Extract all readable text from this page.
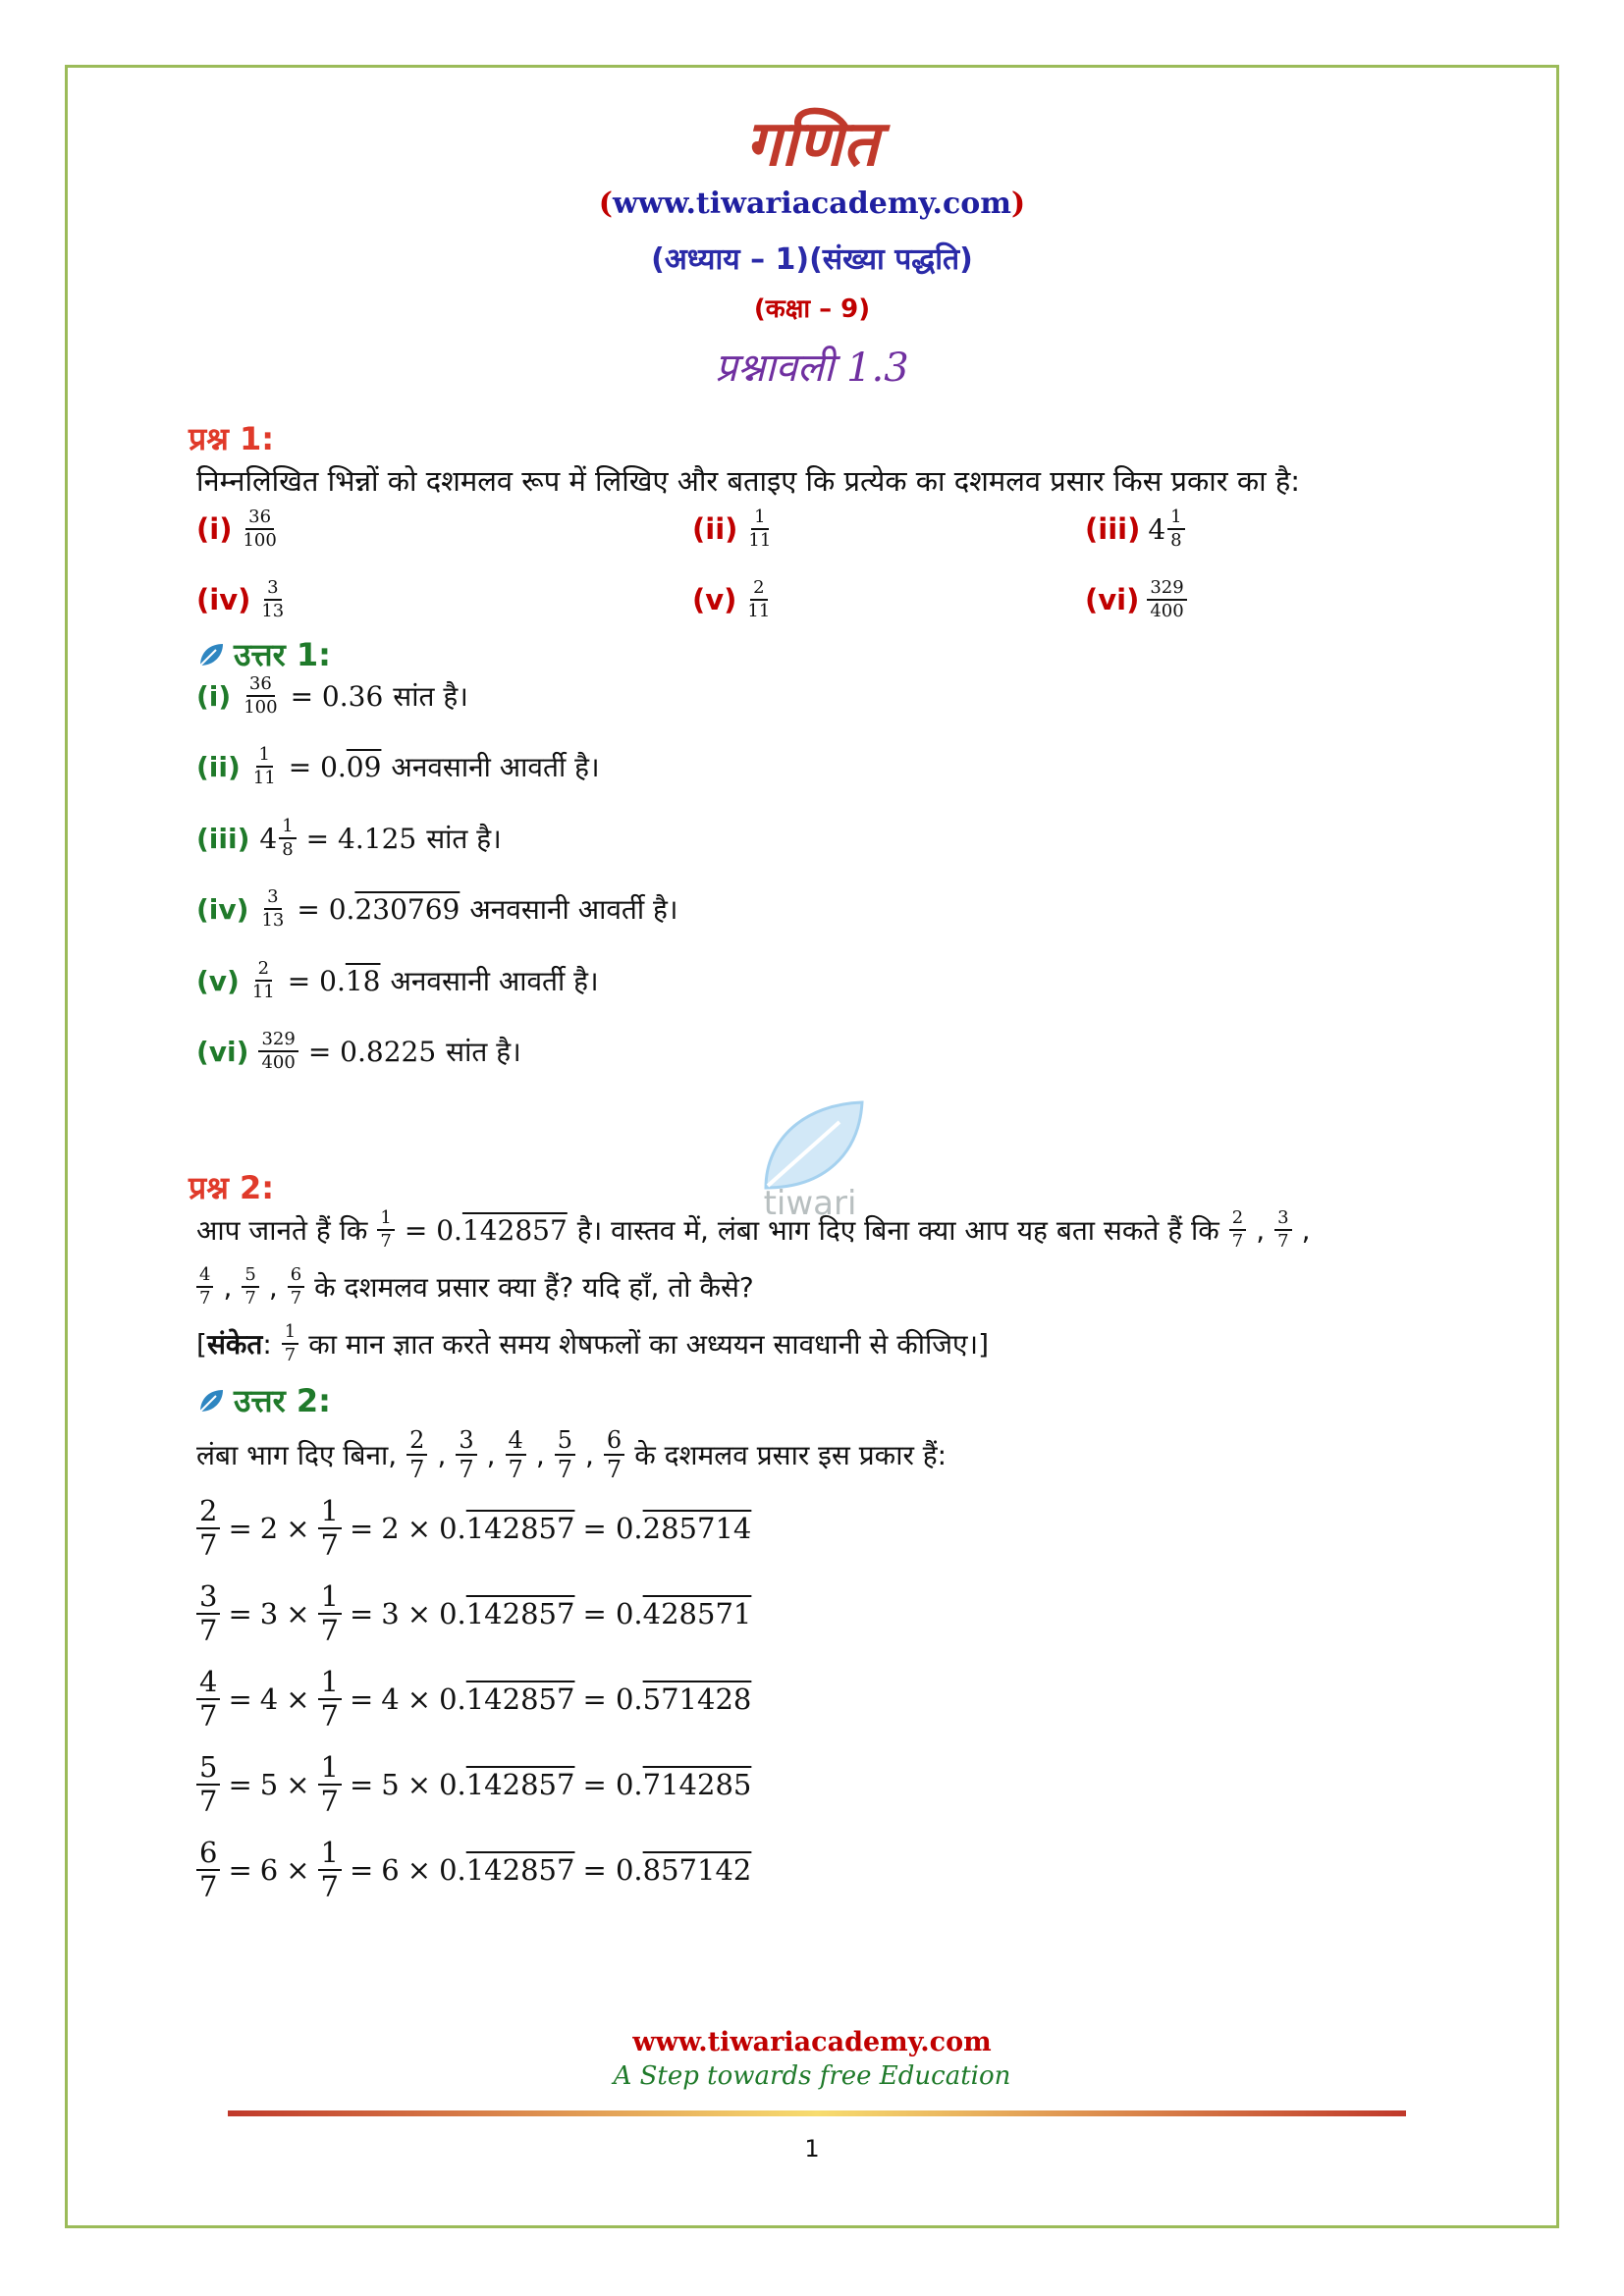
गणित
(www.tiwariacademy.com)
(अध्याय – 1)(संख्या पद्धति)
(कक्षा – 9)
प्रश्नावली 1.3
प्रश्न 1:
निम्नलिखित भिन्नों को दशमलव रूप में लिखिए और बताइए कि प्रत्येक का दशमलव प्रसार किस प्रकार का है:
$(i) \frac{36}{100}$	$(ii) \frac{1}{11}$	(iii) $4 \frac{1}{8}$
$(iv) \frac{3}{13}$	$(v) \frac{2}{11}$	$(vi) \frac{329}{400}$
उत्तर 1:
$(i) \frac{36}{100} = 0.36$ सांत है।
$(ii) \frac{1}{11} = 0.09$ अनवसानी आवर्ती है।
(iii) $4 \frac{1}{8} = 4.125$ सांत है।
$(iv) \frac{3}{13} = 0.230769$ अनवसानी आवर्ती है।
$(v) \frac{2}{11} = 0.18$ अनवसानी आवर्ती है।
$(vi) \frac{329}{400} = 0.8225$ सांत है।
tiwari
प्रश्न 2:
आप जानते हैं कि $\frac{1}{7} = 0.142857$ है। वास्तव में, लंबा भाग दिए बिना क्या आप यह बता सकते हैं कि $\frac{2}{7}$ , $\frac{3}{7}$ ,
$\frac{4}{7}$ , $\frac{5}{7}$ , $\frac{6}{7}$ के दशमलव प्रसार क्या हैं? यदि हाँ, तो कैसे?
[संकेत: $\frac{1}{7}$ का मान ज्ञात करते समय शेषफलों का अध्ययन सावधानी से कीजिए।]
उत्तर 2:
लंबा भाग दिए बिना, $\frac{2}{7}$ , $\frac{3}{7}$ , $\frac{4}{7}$ , $\frac{5}{7}$ , $\frac{6}{7}$ के दशमलव प्रसार इस प्रकार हैं:
$\frac{2}{7} = 2 \times \frac{1}{7} = 2 \times 0.142857 = 0.285714$
$\frac{3}{7} = 3 \times \frac{1}{7} = 3 \times 0.142857 = 0.428571$
$\frac{4}{7} = 4 \times \frac{1}{7} = 4 \times 0.142857 = 0.571428$
$\frac{5}{7} = 5 \times \frac{1}{7} = 5 \times 0.142857 = 0.714285$
$\frac{6}{7} = 6 \times \frac{1}{7} = 6 \times 0.142857 = 0.857142$
www.tiwariacademy.com
A Step towards free Education
1
